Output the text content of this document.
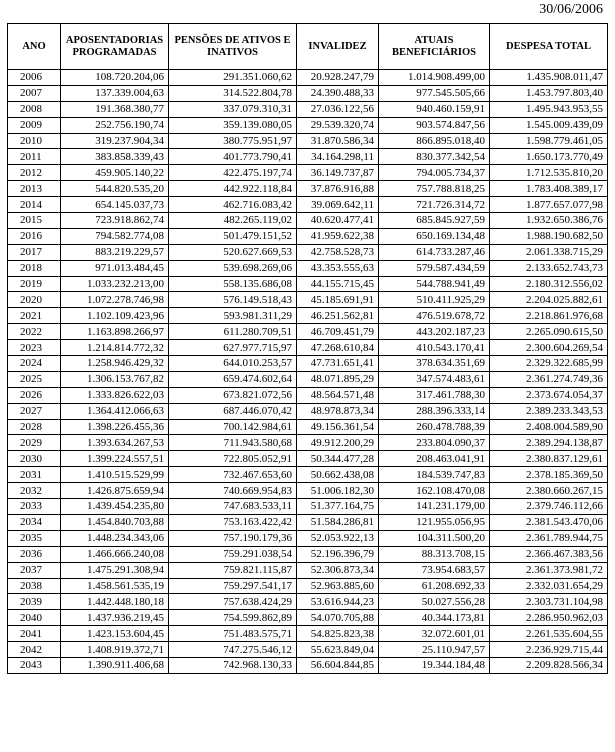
30/06/2006
ANO	APOSENTADORIAS PROGRAMADAS	PENSÕES DE ATIVOS E INATIVOS	INVALIDEZ	ATUAIS BENEFICIÁRIOS	DESPESA TOTAL
2006	108.720.204,06	291.351.060,62	20.928.247,79	1.014.908.499,00	1.435.908.011,47
2007	137.339.004,63	314.522.804,78	24.390.488,33	977.545.505,66	1.453.797.803,40
2008	191.368.380,77	337.079.310,31	27.036.122,56	940.460.159,91	1.495.943.953,55
2009	252.756.190,74	359.139.080,05	29.539.320,74	903.574.847,56	1.545.009.439,09
2010	319.237.904,34	380.775.951,97	31.870.586,34	866.895.018,40	1.598.779.461,05
2011	383.858.339,43	401.773.790,41	34.164.298,11	830.377.342,54	1.650.173.770,49
2012	459.905.140,22	422.475.197,74	36.149.737,87	794.005.734,37	1.712.535.810,20
2013	544.820.535,20	442.922.118,84	37.876.916,88	757.788.818,25	1.783.408.389,17
2014	654.145.037,73	462.716.083,42	39.069.642,11	721.726.314,72	1.877.657.077,98
2015	723.918.862,74	482.265.119,02	40.620.477,41	685.845.927,59	1.932.650.386,76
2016	794.582.774,08	501.479.151,52	41.959.622,38	650.169.134,48	1.988.190.682,50
2017	883.219.229,57	520.627.669,53	42.758.528,73	614.733.287,46	2.061.338.715,29
2018	971.013.484,45	539.698.269,06	43.353.555,63	579.587.434,59	2.133.652.743,73
2019	1.033.232.213,00	558.135.686,08	44.155.715,45	544.788.941,49	2.180.312.556,02
2020	1.072.278.746,98	576.149.518,43	45.185.691,91	510.411.925,29	2.204.025.882,61
2021	1.102.109.423,96	593.981.311,29	46.251.562,81	476.519.678,72	2.218.861.976,68
2022	1.163.898.266,97	611.280.709,51	46.709.451,79	443.202.187,23	2.265.090.615,50
2023	1.214.814.772,32	627.977.715,97	47.268.610,84	410.543.170,41	2.300.604.269,54
2024	1.258.946.429,32	644.010.253,57	47.731.651,41	378.634.351,69	2.329.322.685,99
2025	1.306.153.767,82	659.474.602,64	48.071.895,29	347.574.483,61	2.361.274.749,36
2026	1.333.826.622,03	673.821.072,56	48.564.571,48	317.461.788,30	2.373.674.054,37
2027	1.364.412.066,63	687.446.070,42	48.978.873,34	288.396.333,14	2.389.233.343,53
2028	1.398.226.455,36	700.142.984,61	49.156.361,54	260.478.788,39	2.408.004.589,90
2029	1.393.634.267,53	711.943.580,68	49.912.200,29	233.804.090,37	2.389.294.138,87
2030	1.399.224.557,51	722.805.052,91	50.344.477,28	208.463.041,91	2.380.837.129,61
2031	1.410.515.529,99	732.467.653,60	50.662.438,08	184.539.747,83	2.378.185.369,50
2032	1.426.875.659,94	740.669.954,83	51.006.182,30	162.108.470,08	2.380.660.267,15
2033	1.439.454.235,80	747.683.533,11	51.377.164,75	141.231.179,00	2.379.746.112,66
2034	1.454.840.703,88	753.163.422,42	51.584.286,81	121.955.056,95	2.381.543.470,06
2035	1.448.234.343,06	757.190.179,36	52.053.922,13	104.311.500,20	2.361.789.944,75
2036	1.466.666.240,08	759.291.038,54	52.196.396,79	88.313.708,15	2.366.467.383,56
2037	1.475.291.308,94	759.821.115,87	52.306.873,34	73.954.683,57	2.361.373.981,72
2038	1.458.561.535,19	759.297.541,17	52.963.885,60	61.208.692,33	2.332.031.654,29
2039	1.442.448.180,18	757.638.424,29	53.616.944,23	50.027.556,28	2.303.731.104,98
2040	1.437.936.219,45	754.599.862,89	54.070.705,88	40.344.173,81	2.286.950.962,03
2041	1.423.153.604,45	751.483.575,71	54.825.823,38	32.072.601,01	2.261.535.604,55
2042	1.408.919.372,71	747.275.546,12	55.623.849,04	25.110.947,57	2.236.929.715,44
2043	1.390.911.406,68	742.968.130,33	56.604.844,85	19.344.184,48	2.209.828.566,34
